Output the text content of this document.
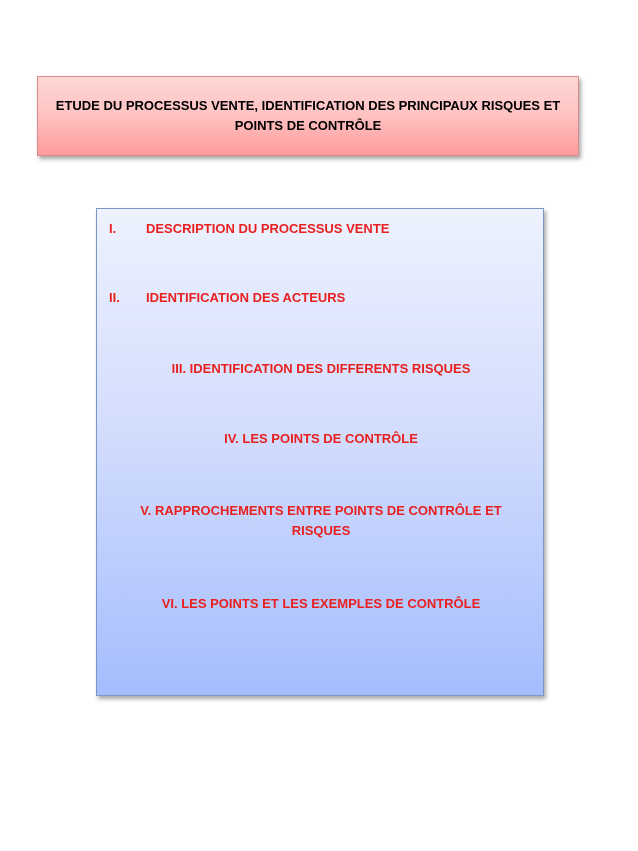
ETUDE DU PROCESSUS VENTE, IDENTIFICATION DES PRINCIPAUX RISQUES ET
POINTS DE CONTRÔLE
I. DESCRIPTION DU PROCESSUS VENTE
II. IDENTIFICATION DES ACTEURS
III. IDENTIFICATION DES DIFFERENTS RISQUES
IV. LES POINTS DE CONTRÔLE
V. RAPPROCHEMENTS ENTRE POINTS DE CONTRÔLE ET
RISQUES
VI. LES POINTS ET LES EXEMPLES DE CONTRÔLE
